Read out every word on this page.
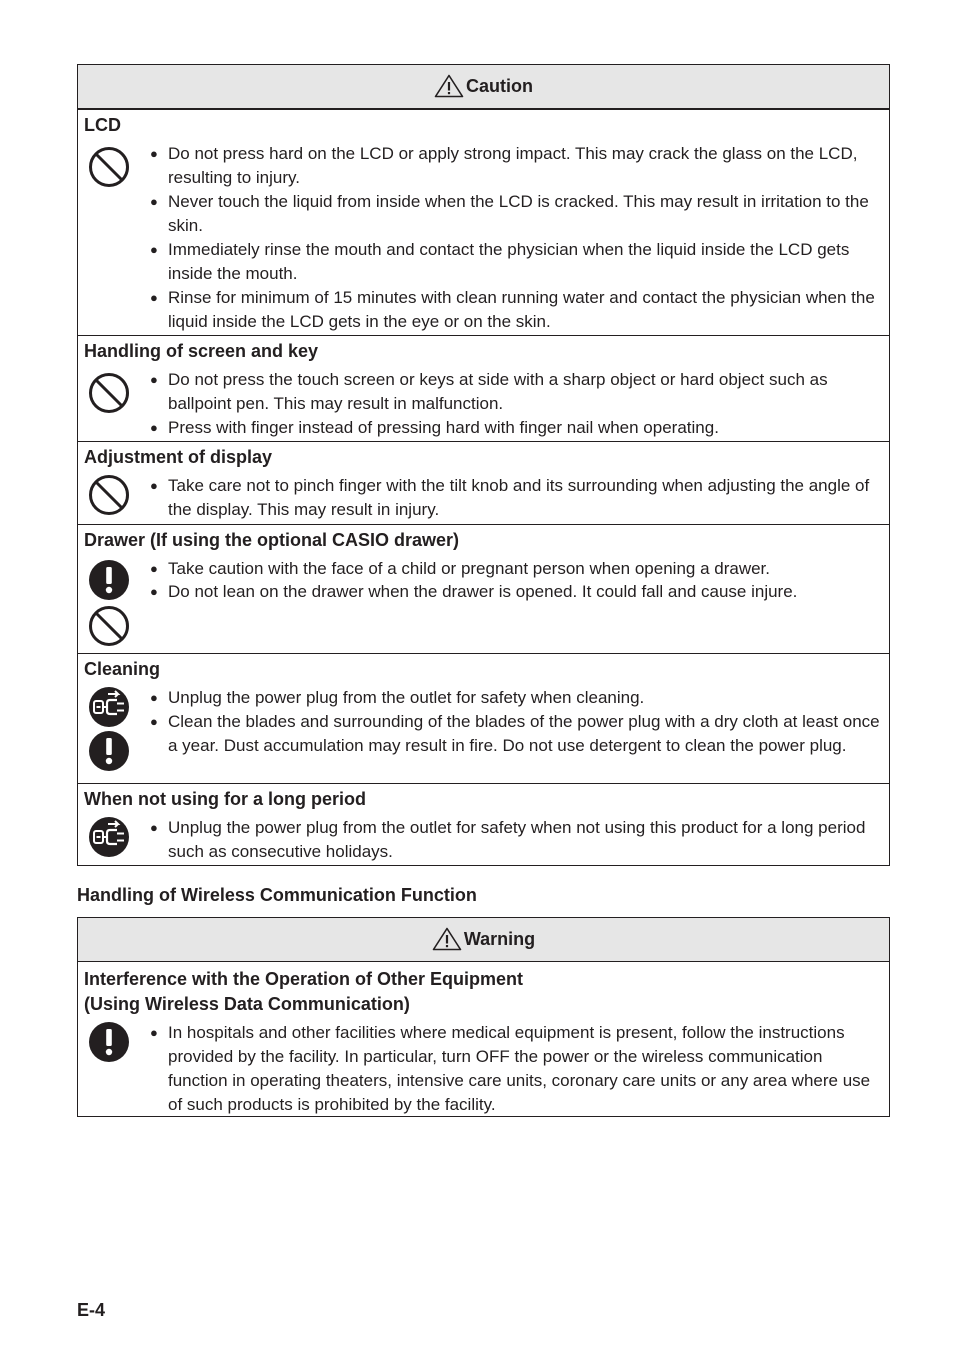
Caution
LCD
● Do not press hard on the LCD or apply strong impact. This may crack the glass on the LCD, resulting to injury.
● Never touch the liquid from inside when the LCD is cracked. This may result in irritation to the skin.
● Immediately rinse the mouth and contact the physician when the liquid inside the LCD gets inside the mouth.
● Rinse for minimum of 15 minutes with clean running water and contact the physician when the liquid inside the LCD gets in the eye or on the skin.
Handling of screen and key
● Do not press the touch screen or keys at side with a sharp object or hard object such as ballpoint pen. This may result in malfunction.
● Press with finger instead of pressing hard with finger nail when operating.
Adjustment of display
● Take care not to pinch finger with the tilt knob and its surrounding when adjusting the angle of the display. This may result in injury.
Drawer (If using the optional CASIO drawer)
● Take caution with the face of a child or pregnant person when opening a drawer.
● Do not lean on the drawer when the drawer is opened. It could fall and cause injure.
Cleaning
● Unplug the power plug from the outlet for safety when cleaning.
● Clean the blades and surrounding of the blades of the power plug with a dry cloth at least once a year. Dust accumulation may result in fire. Do not use detergent to clean the power plug.
When not using for a long period
● Unplug the power plug from the outlet for safety when not using this product for a long period such as consecutive holidays.
Handling of Wireless Communication Function
Warning
Interference with the Operation of Other Equipment
(Using Wireless Data Communication)
● In hospitals and other facilities where medical equipment is present, follow the instructions provided by the facility. In particular, turn OFF the power or the wireless communication function in operating theaters, intensive care units, coronary care units or any area where use of such products is prohibited by the facility.
E-4
